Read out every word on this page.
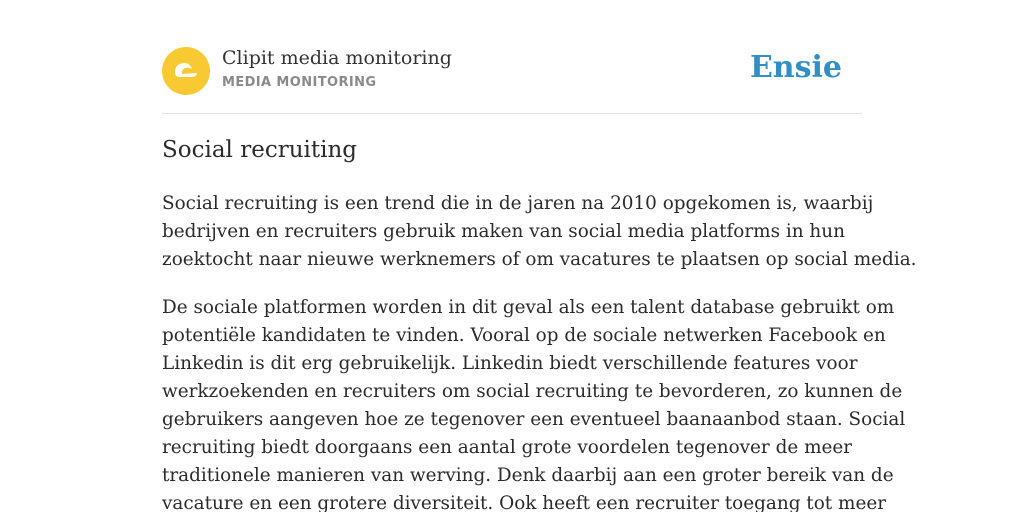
Clipit media monitoring
MEDIA MONITORING	Ensie
Social recruiting

Social recruiting is een trend die in de jaren na 2010 opgekomen is, waarbij
bedrijven en recruiters gebruik maken van social media platforms in hun
zoektocht naar nieuwe werknemers of om vacatures te plaatsen op social media.

De sociale platformen worden in dit geval als een talent database gebruikt om
potentiële kandidaten te vinden. Vooral op de sociale netwerken Facebook en
Linkedin is dit erg gebruikelijk. Linkedin biedt verschillende features voor
werkzoekenden en recruiters om social recruiting te bevorderen, zo kunnen de
gebruikers aangeven hoe ze tegenover een eventueel baanaanbod staan. Social
recruiting biedt doorgaans een aantal grote voordelen tegenover de meer
traditionele manieren van werving. Denk daarbij aan een groter bereik van de
vacature en een grotere diversiteit. Ook heeft een recruiter toegang tot meer
